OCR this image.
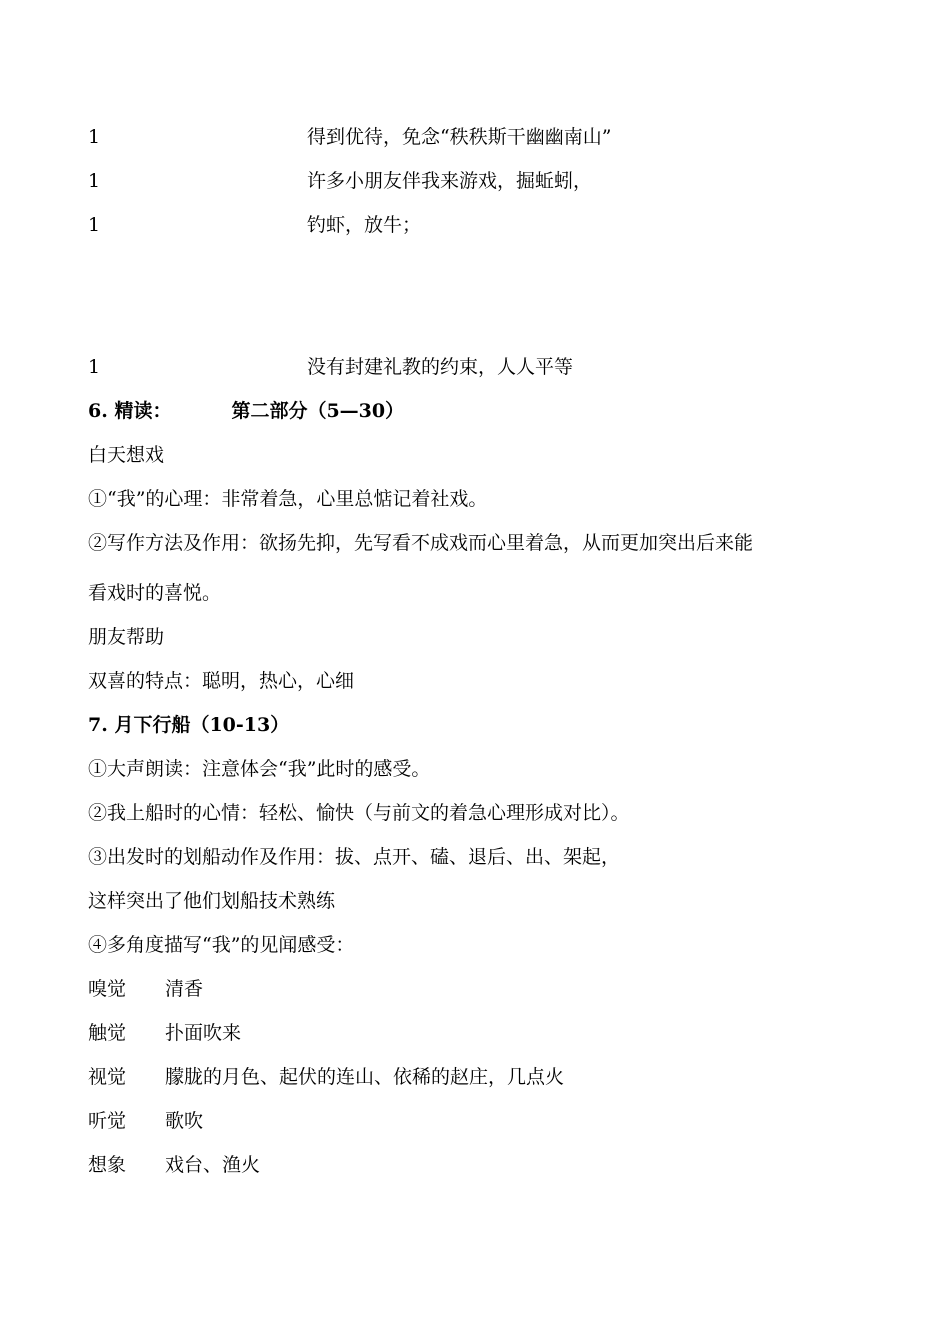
1	得到优待，免念“秩秩斯干幽幽南山”
1	许多小朋友伴我来游戏，掘蚯蚓，
1	钓虾，放牛；
1	没有封建礼教的约束，人人平等
6. 精读：	第二部分（5—30）
白天想戏
①“我”的心理：非常着急，心里总惦记着社戏。
②写作方法及作用：欲扬先抑，先写看不成戏而心里着急，从而更加突出后来能
看戏时的喜悦。
朋友帮助
双喜的特点：聪明，热心，心细
7. 月下行船（10-13）
①大声朗读：注意体会“我”此时的感受。
②我上船时的心情：轻松、愉快（与前文的着急心理形成对比）。
③出发时的划船动作及作用：拔、点开、磕、退后、出、架起，
这样突出了他们划船技术熟练
④多角度描写“我”的见闻感受：
嗅觉 清香
触觉 扑面吹来
视觉 朦胧的月色、起伏的连山、依稀的赵庄，几点火
听觉 歌吹
想象 戏台、渔火
